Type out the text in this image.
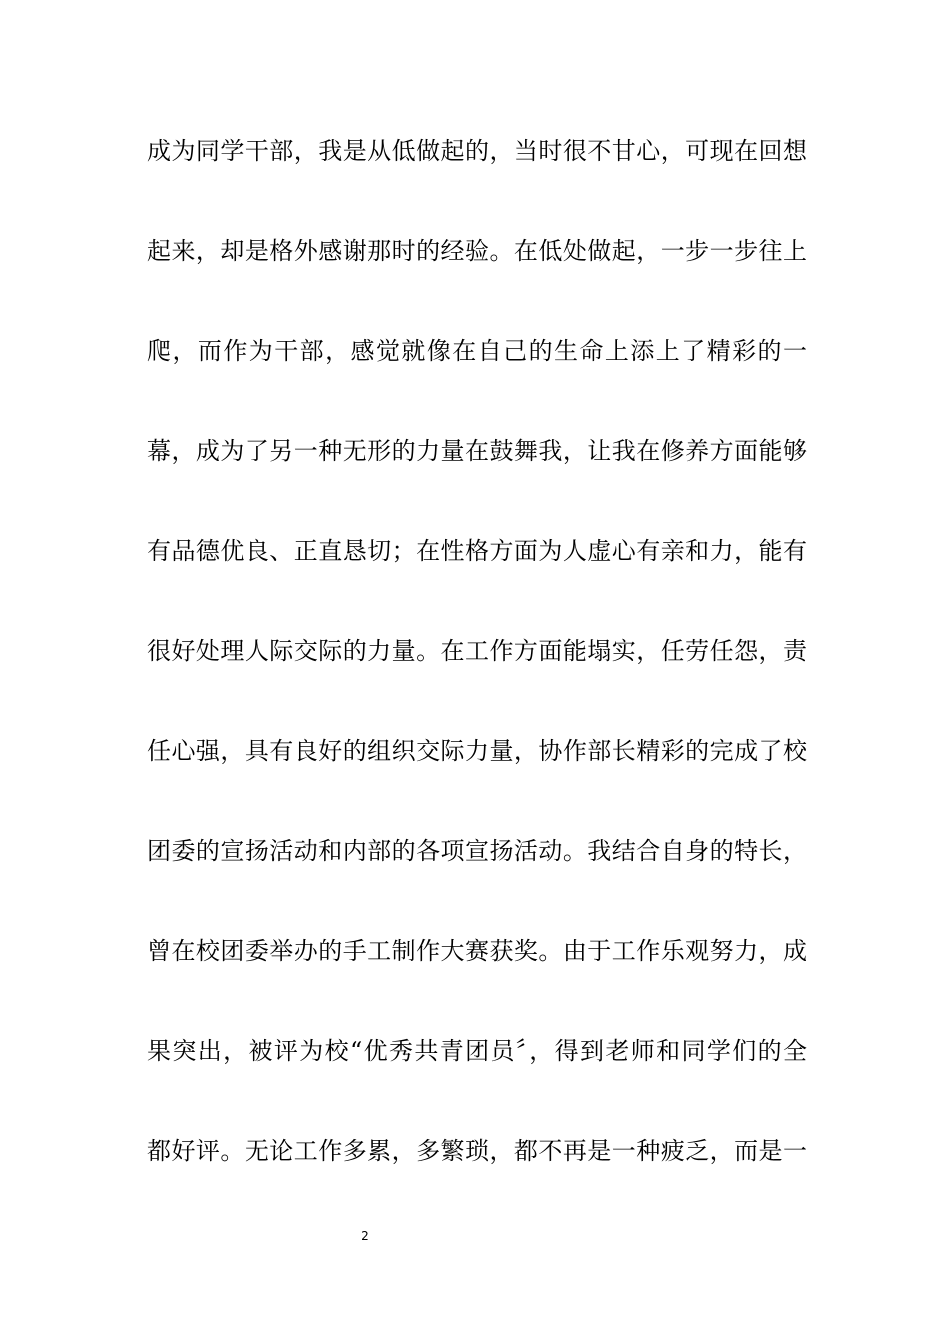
成为同学干部，我是从低做起的，当时很不甘心，可现在回想
起来，却是格外感谢那时的经验。在低处做起，一步一步往上
爬，而作为干部，感觉就像在自己的生命上添上了精彩的一
幕，成为了另一种无形的力量在鼓舞我，让我在修养方面能够
有品德优良、正直恳切；在性格方面为人虚心有亲和力，能有
很好处理人际交际的力量。在工作方面能塌实，任劳任怨，责
任心强，具有良好的组织交际力量，协作部长精彩的完成了校
团委的宣扬活动和内部的各项宣扬活动。我结合自身的特长，
曾在校团委举办的手工制作大赛获奖。由于工作乐观努力，成
果突出，被评为校“优秀共青团员〞，得到老师和同学们的全
都好评。无论工作多累，多繁琐，都不再是一种疲乏，而是一
2
